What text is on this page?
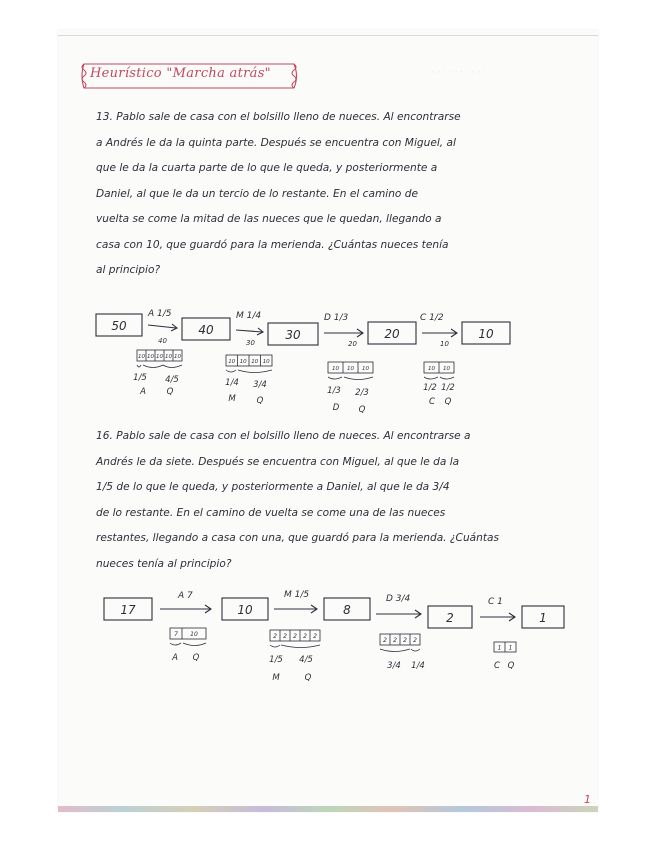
Heurístico "Marcha atrás"	· · · · · · · · · · · ·
13. Pablo sale de casa con el bolsillo lleno de nueces. Al encontrarse
a Andrés le da la quinta parte. Después se encuentra con Miguel, al
que le da la cuarta parte de lo que le queda, y posteriormente a
Daniel, al que le da un tercio de lo restante. En el camino de
vuelta se come la mitad de las nueces que le quedan, llegando a
casa con 10, que guardó para la merienda. ¿Cuántas nueces tenía
al principio?
50	40	30	20	10
A 1/5	M 1/4	D 1/3	C 1/2
40	30	20	10
10 10 10 10 10
10 10 10 10
10 10 10	10 10
1/5 4/5
A Q
1/4 3/4
M Q
1/3 2/3
D Q
1/2 1/2
C Q
16. Pablo sale de casa con el bolsillo lleno de nueces. Al encontrarse a
Andrés le da siete. Después se encuentra con Miguel, al que le da la
1/5 de lo que le queda, y posteriormente a Daniel, al que le da 3/4
de lo restante. En el camino de vuelta se come una de las nueces
restantes, llegando a casa con una, que guardó para la merienda. ¿Cuántas
nueces tenía al principio?
17	10	8
2	1
A 7	M 1/5	D 3/4	C 1
7 10	2 2 2 2 2
2 2 2 2
1 1
A Q	1/5 4/5
M	Q
3/4 1/4	C Q
1
